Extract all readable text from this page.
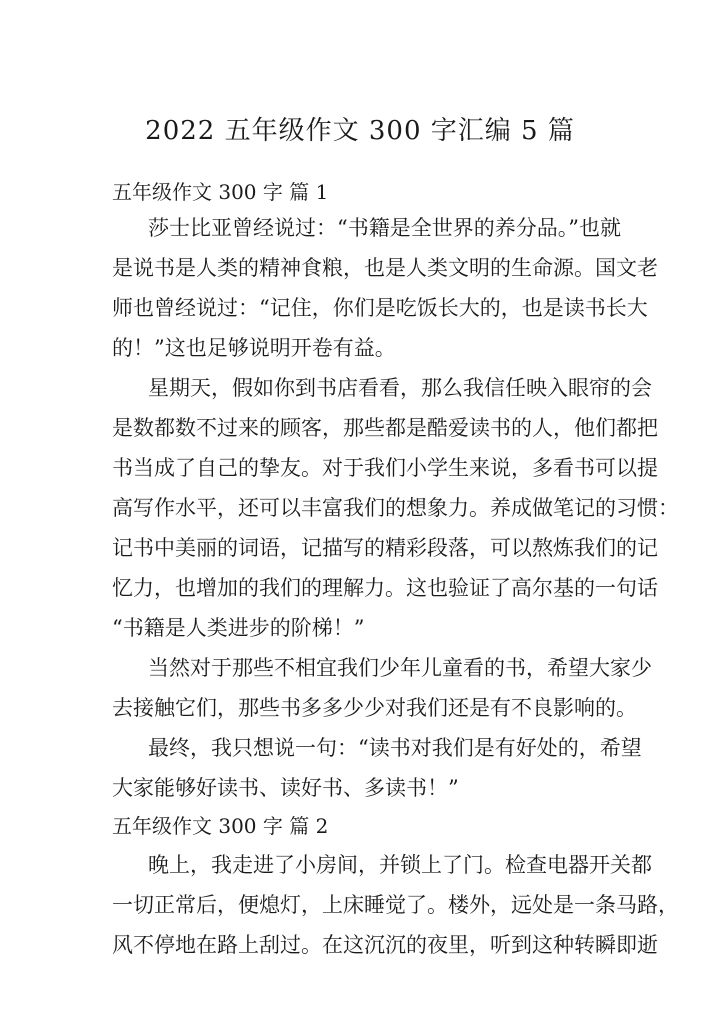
2022 五年级作文 300 字汇编 5 篇
五年级作文 300 字 篇 1
莎士比亚曾经说过：“书籍是全世界的养分品。”也就
是说书是人类的精神食粮，也是人类文明的生命源。国文老
师也曾经说过：“记住，你们是吃饭长大的，也是读书长大
的！”这也足够说明开卷有益。
星期天，假如你到书店看看，那么我信任映入眼帘的会
是数都数不过来的顾客，那些都是酷爱读书的人，他们都把
书当成了自己的挚友。对于我们小学生来说，多看书可以提
高写作水平，还可以丰富我们的想象力。养成做笔记的习惯：
记书中美丽的词语，记描写的精彩段落，可以熬炼我们的记
忆力，也增加的我们的理解力。这也验证了高尔基的一句话
“书籍是人类进步的阶梯！”
当然对于那些不相宜我们少年儿童看的书，希望大家少
去接触它们，那些书多多少少对我们还是有不良影响的。
最终，我只想说一句：“读书对我们是有好处的，希望
大家能够好读书、读好书、多读书！”
五年级作文 300 字 篇 2
晚上，我走进了小房间，并锁上了门。检查电器开关都
一切正常后，便熄灯，上床睡觉了。楼外，远处是一条马路，
风不停地在路上刮过。在这沉沉的夜里，听到这种转瞬即逝
